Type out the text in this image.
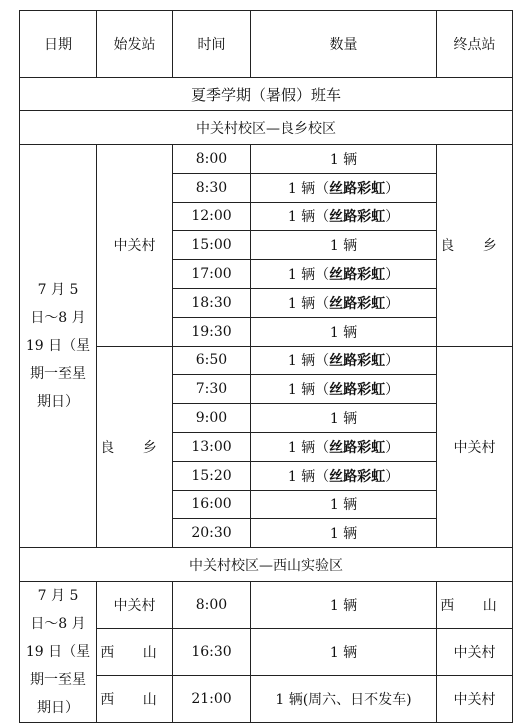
日期	始发站	时间	数量	终点站
夏季学期（暑假）班车				
中关村校区—良乡校区				

7 月 5
日～8 月
19 日（星
期一至星
期日）	中关村	8:00	1 辆	良 乡
		8:30	1 辆（丝路彩虹）	
		12:00	1 辆（丝路彩虹）	
		15:00	1 辆	
		17:00	1 辆（丝路彩虹）	
		18:30	1 辆（丝路彩虹）	
		19:30	1 辆	
	良 乡	6:50	1 辆（丝路彩虹）	中关村
		7:30	1 辆（丝路彩虹）	
		9:00	1 辆	
		13:00	1 辆（丝路彩虹）	
		15:20	1 辆（丝路彩虹）	
		16:00	1 辆	
		20:30	1 辆	
中关村校区—西山实验区				

7 月 5
日～8 月
19 日（星
期一至星
期日）	中关村	8:00	1 辆	西 山
	西 山	16:30	1 辆	中关村
	西 山	21:00	1 辆(周六、日不发车)	中关村
